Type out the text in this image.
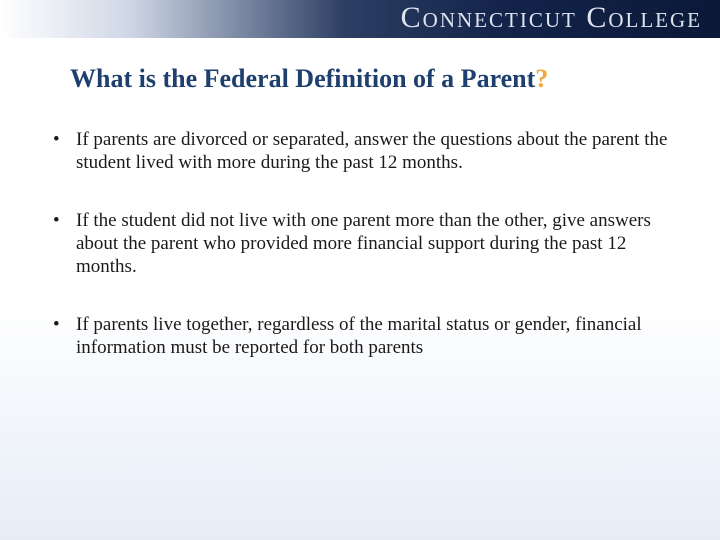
Connecticut College
What is the Federal Definition of a Parent?
• If parents are divorced or separated, answer the questions about the parent the student lived with more during the past 12 months.
• If the student did not live with one parent more than the other, give answers about the parent who provided more financial support during the past 12 months.
• If parents live together, regardless of the marital status or gender, financial information must be reported for both parents
